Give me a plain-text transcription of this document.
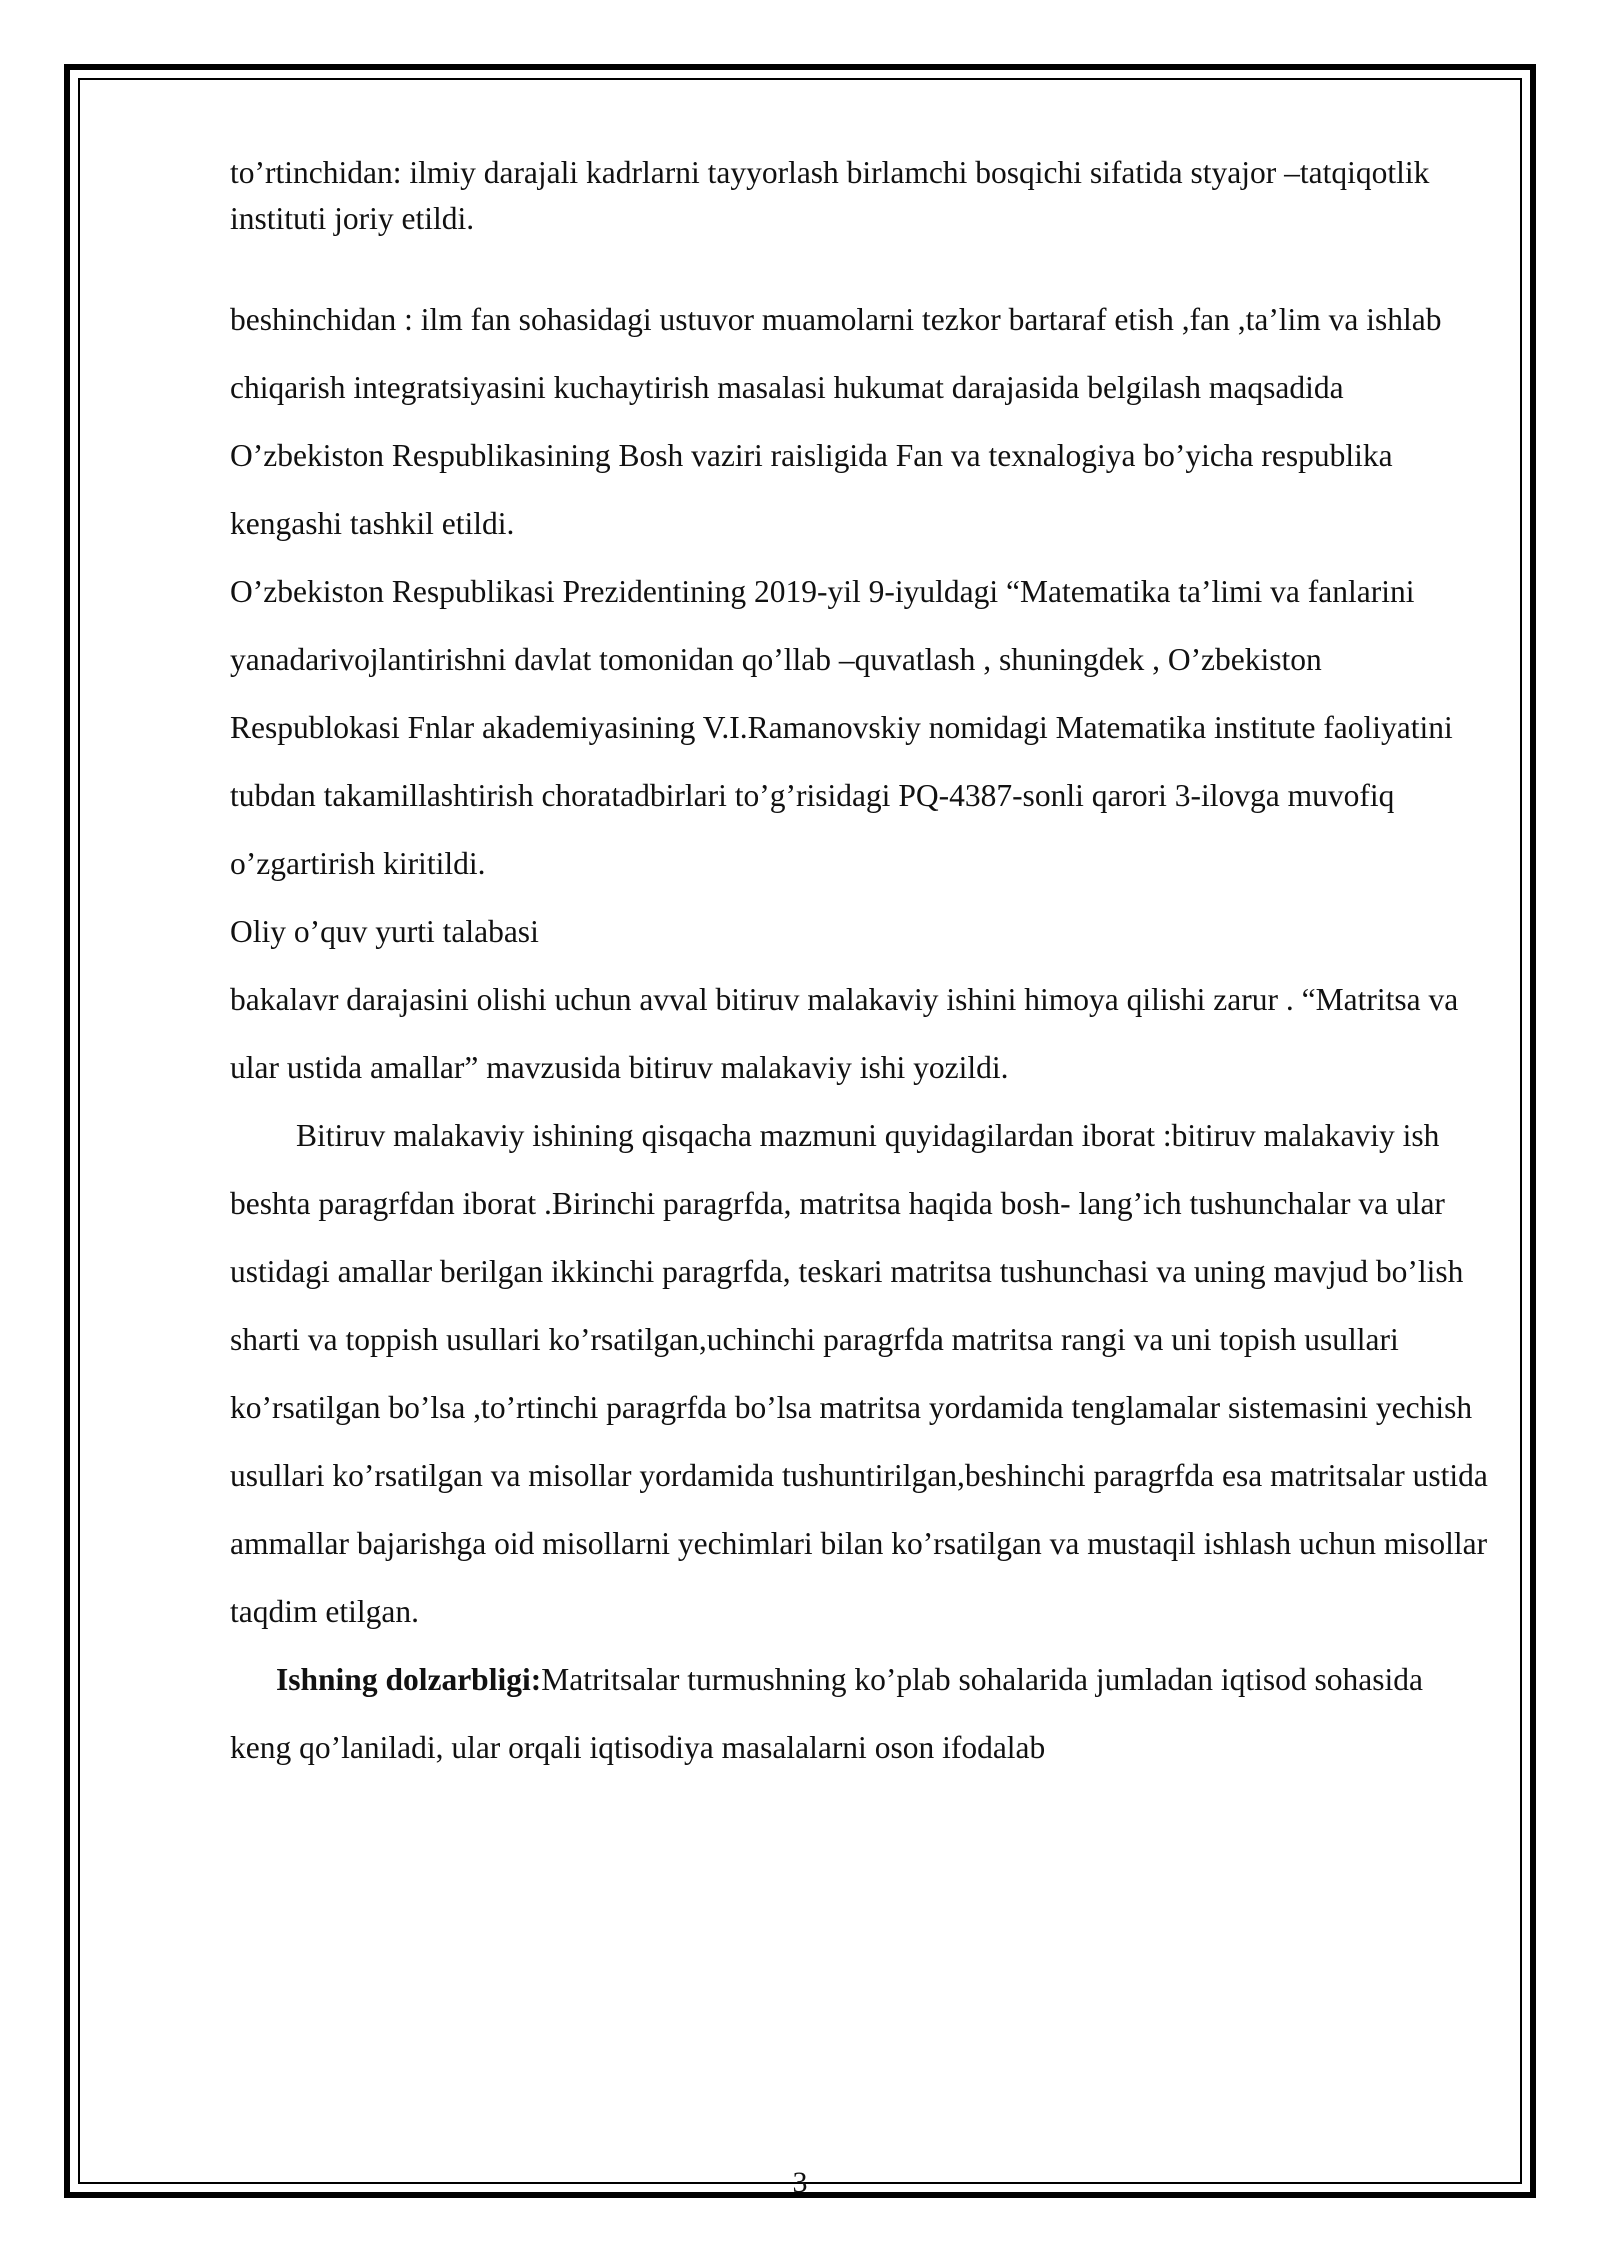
to’rtinchidan: ilmiy darajali kadrlarni tayyorlash birlamchi bosqichi sifatida styajor –tatqiqotlik instituti joriy etildi.

beshinchidan : ilm fan sohasidagi ustuvor muamolarni tezkor bartaraf etish ,fan ,ta’lim va ishlab chiqarish integratsiyasini kuchaytirish masalasi hukumat darajasida belgilash maqsadida O’zbekiston Respublikasining Bosh vaziri raisligida Fan va texnalogiya bo’yicha respublika kengashi tashkil etildi.

O’zbekiston Respublikasi Prezidentining 2019-yil 9-iyuldagi “Matematika ta’limi va fanlarini yanadarivojlantirishni davlat tomonidan qo’llab –quvatlash , shuningdek , O’zbekiston Respublokasi Fnlar akademiyasining V.I.Ramanovskiy nomidagi Matematika institute faoliyatini tubdan takamillashtirish choratadbirlari to’g’risidagi PQ-4387-sonli qarori 3-ilovga muvofiq o’zgartirish kiritildi.

Oliy o’quv yurti talabasi

bakalavr darajasini olishi uchun avval bitiruv malakaviy ishini himoya qilishi zarur . “Matritsa va ular ustida amallar” mavzusida bitiruv malakaviy ishi yozildi.

Bitiruv malakaviy ishining qisqacha mazmuni quyidagilardan iborat :bitiruv malakaviy ish beshta paragrfdan iborat .Birinchi paragrfda, matritsa haqida bosh- lang’ich tushunchalar va ular ustidagi amallar berilgan ikkinchi paragrfda, teskari matritsa tushunchasi va uning mavjud bo’lish sharti va toppish usullari ko’rsatilgan,uchinchi paragrfda matritsa rangi va uni topish usullari ko’rsatilgan bo’lsa ,to’rtinchi paragrfda bo’lsa matritsa yordamida tenglamalar sistemasini yechish usullari ko’rsatilgan va misollar yordamida tushuntirilgan,beshinchi paragrfda esa matritsalar ustida ammallar bajarishga oid misollarni yechimlari bilan ko’rsatilgan va mustaqil ishlash uchun misollar taqdim etilgan.

Ishning dolzarbligi:Matritsalar turmushning ko’plab sohalarida jumladan iqtisod sohasida keng qo’laniladi, ular orqali iqtisodiya masalalarni oson ifodalab

3
